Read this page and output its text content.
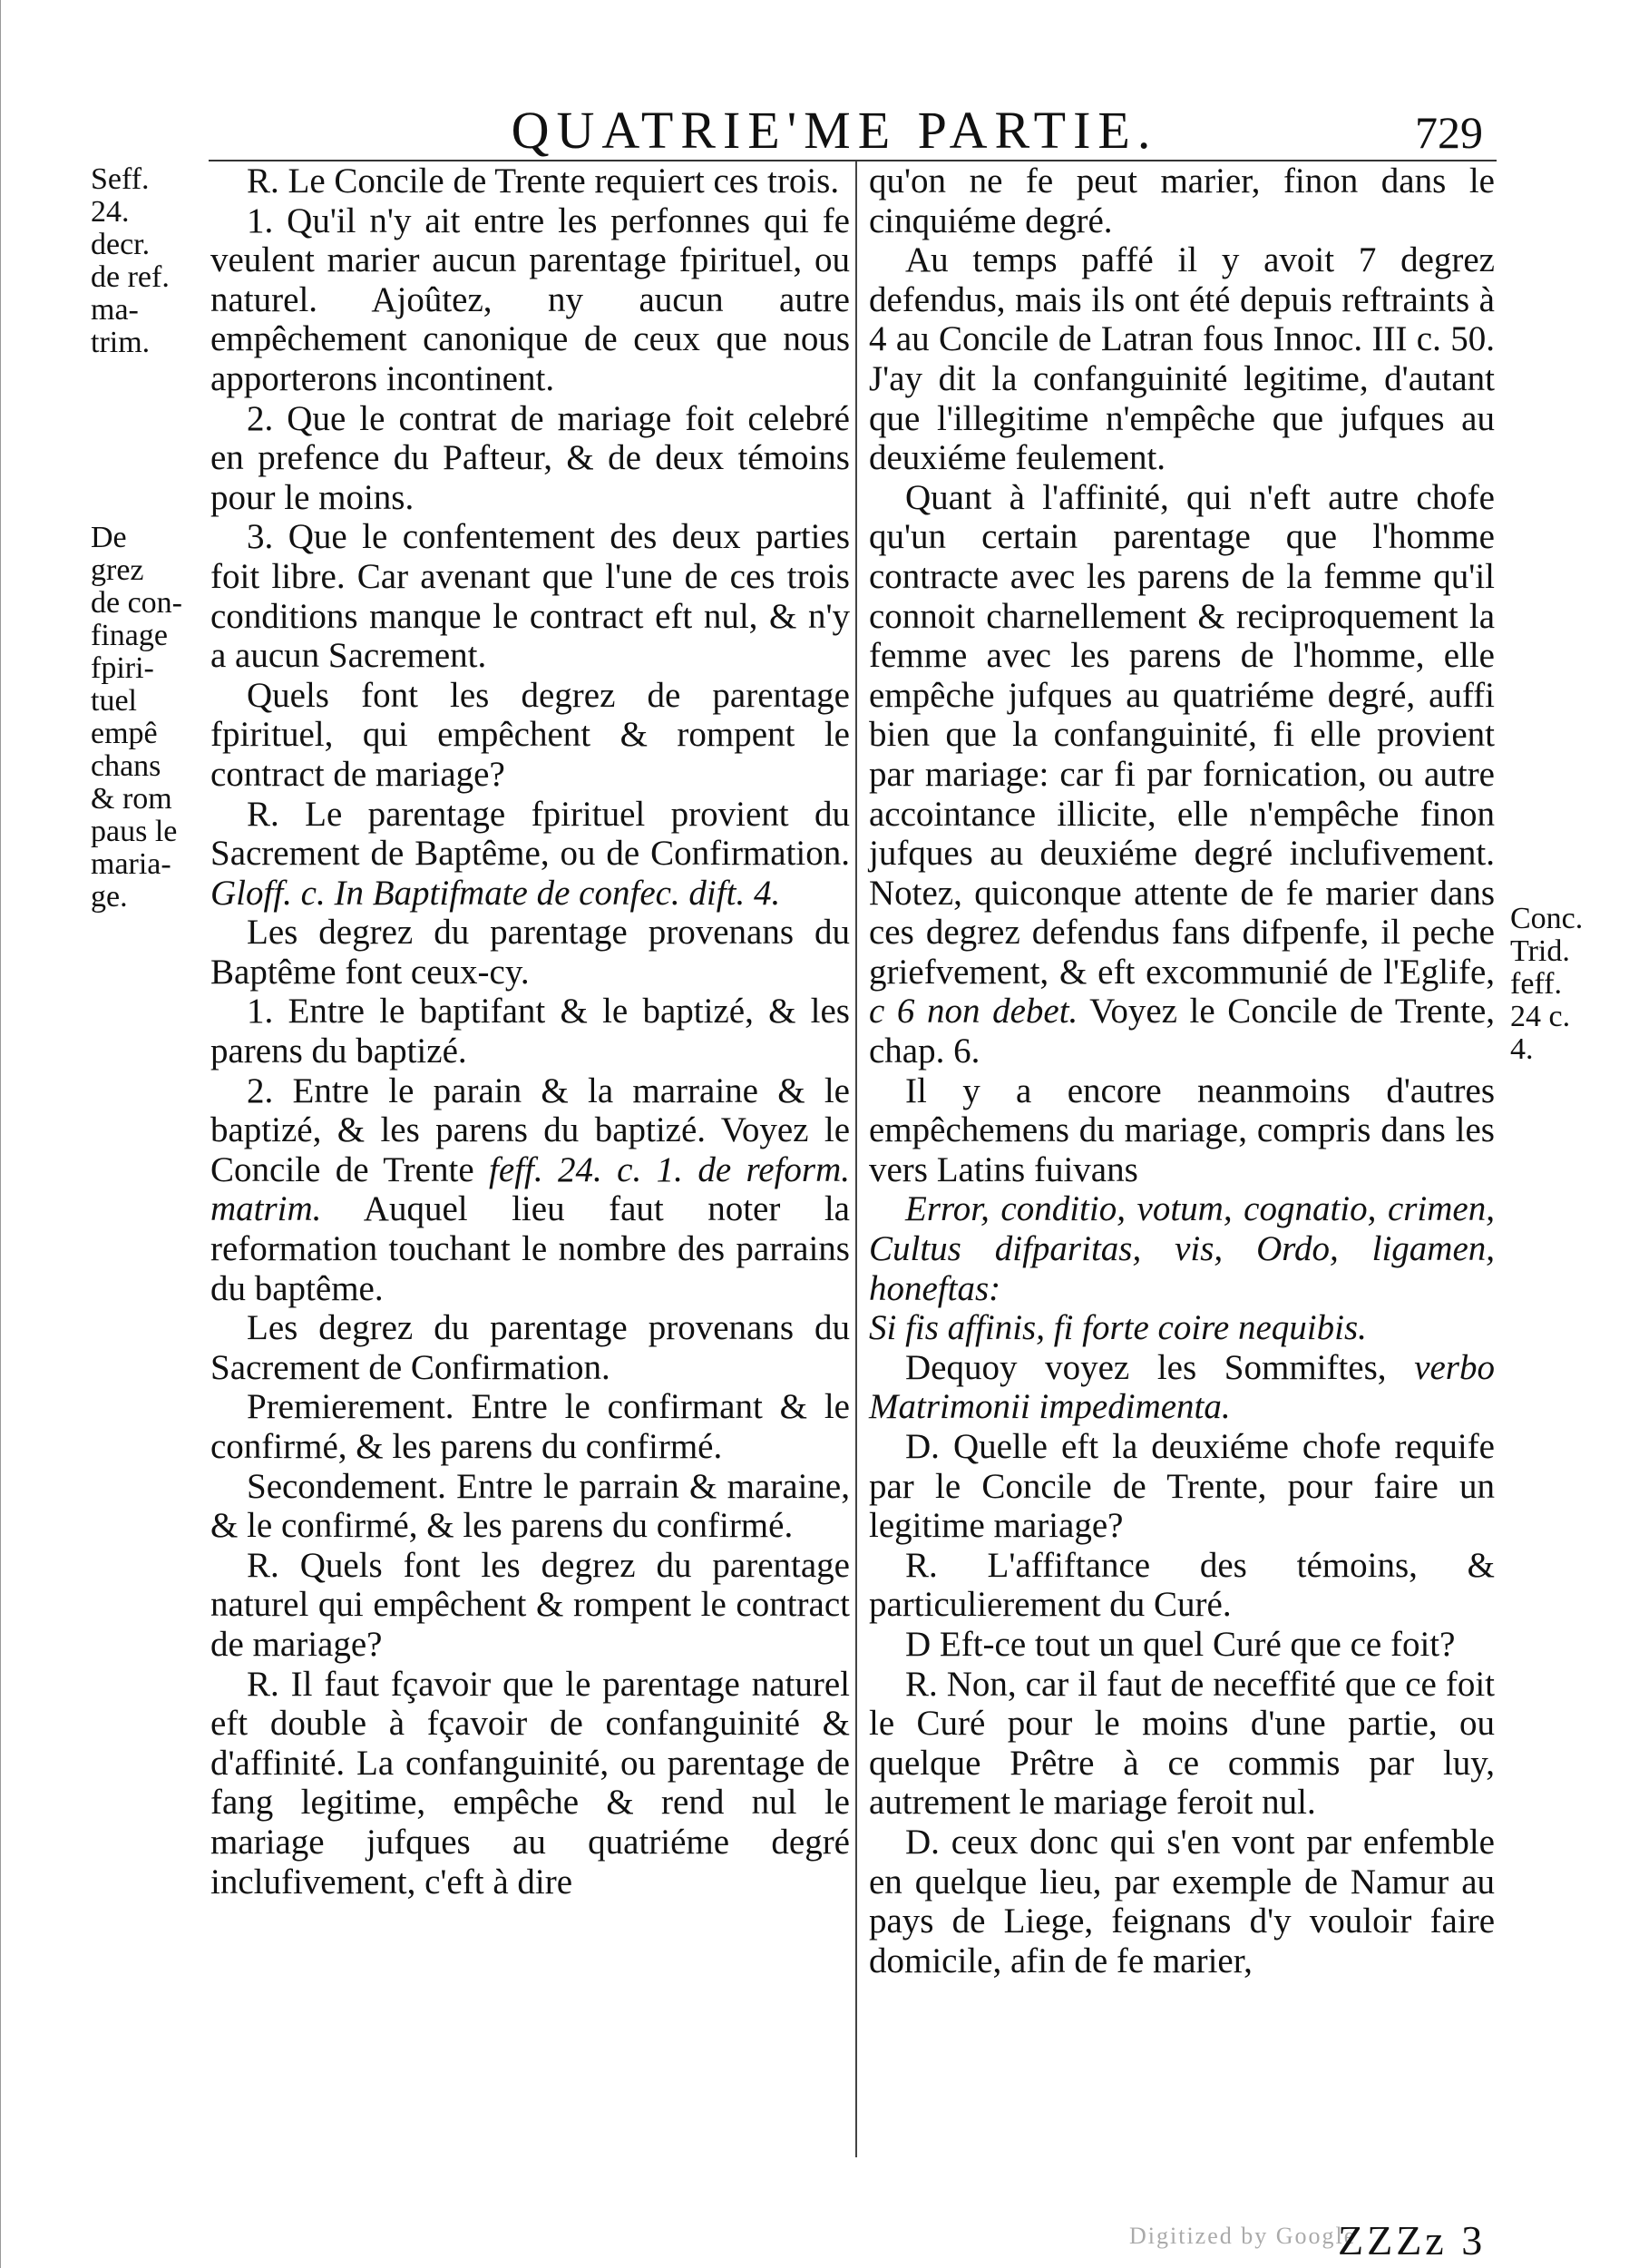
QUATRIE'ME PARTIE.	729

Seff.

24.

decr.

de ref.

ma-

trim.

De

grez

de con-

finage

fpiri-

tuel

empê

chans

& rom

paus le

maria-

ge.

Conc.

Trid.

feff.

24 c.

4.

R. Le Concile de Trente requiert ces trois.

1. Qu'il n'y ait entre les perfonnes qui fe veulent marier aucun parentage fpirituel, ou naturel. Ajoûtez, ny aucun autre empêchement canonique de ceux que nous apporterons incontinent.

2. Que le contrat de mariage foit celebré en prefence du Pafteur, & de deux témoins pour le moins.

3. Que le confentement des deux parties foit libre. Car avenant que l'une de ces trois conditions manque le contract eft nul, & n'y a aucun Sacrement.

Quels font les degrez de parentage fpirituel, qui empêchent & rompent le contract de mariage?

R. Le parentage fpirituel provient du Sacrement de Baptême, ou de Confirmation. Gloff. c. In Baptifmate de confec. dift. 4.

Les degrez du parentage provenans du Baptême font ceux-cy.

1. Entre le baptifant & le baptizé, & les parens du baptizé.

2. Entre le parain & la marraine & le baptizé, & les parens du baptizé. Voyez le Concile de Trente feff. 24. c. 1. de reform. matrim. Auquel lieu faut noter la reformation touchant le nombre des parrains du baptême.

Les degrez du parentage provenans du Sacrement de Confirmation.

Premierement. Entre le confirmant & le confirmé, & les parens du confirmé.

Secondement. Entre le parrain & maraine, & le confirmé, & les parens du confirmé.

R. Quels font les degrez du parentage naturel qui empêchent & rompent le contract de mariage?

R. Il faut fçavoir que le parentage naturel eft double à fçavoir de confanguinité & d'affinité. La confanguinité, ou parentage de fang legitime, empêche & rend nul le mariage jufques au quatriéme degré inclufivement, c'eft à dire

qu'on ne fe peut marier, finon dans le cinquiéme degré.

Au temps paffé il y avoit 7 degrez defendus, mais ils ont été depuis reftraints à 4 au Concile de Latran fous Innoc. III c. 50. J'ay dit la confanguinité legitime, d'autant que l'illegitime n'empêche que jufques au deuxiéme feulement.

Quant à l'affinité, qui n'eft autre chofe qu'un certain parentage que l'homme contracte avec les parens de la femme qu'il connoit charnellement & reciproquement la femme avec les parens de l'homme, elle empêche jufques au quatriéme degré, auffi bien que la confanguinité, fi elle provient par mariage: car fi par fornication, ou autre accointance illicite, elle n'empêche finon jufques au deuxiéme degré inclufivement. Notez, quiconque attente de fe marier dans ces degrez defendus fans difpenfe, il peche griefvement, & eft excommunié de l'Eglife, c 6 non debet. Voyez le Concile de Trente, chap. 6.

Il y a encore neanmoins d'autres empêchemens du mariage, compris dans les vers Latins fuivans

Error, conditio, votum, cognatio, crimen, Cultus difparitas, vis, Ordo, ligamen, honeftas:

Si fis affinis, fi forte coire nequibis.

Dequoy voyez les Sommiftes, verbo Matrimonii impedimenta.

D. Quelle eft la deuxiéme chofe requife par le Concile de Trente, pour faire un legitime mariage?

R. L'affiftance des témoins, & particulierement du Curé.

D Eft-ce tout un quel Curé que ce foit?

R. Non, car il faut de neceffité que ce foit le Curé pour le moins d'une partie, ou quelque Prêtre à ce commis par luy, autrement le mariage feroit nul.

D. ceux donc qui s'en vont par enfemble en quelque lieu, par exemple de Namur au pays de Liege, feignans d'y vouloir faire domicile, afin de fe marier,

Digitized by Google
ZZZz 3
